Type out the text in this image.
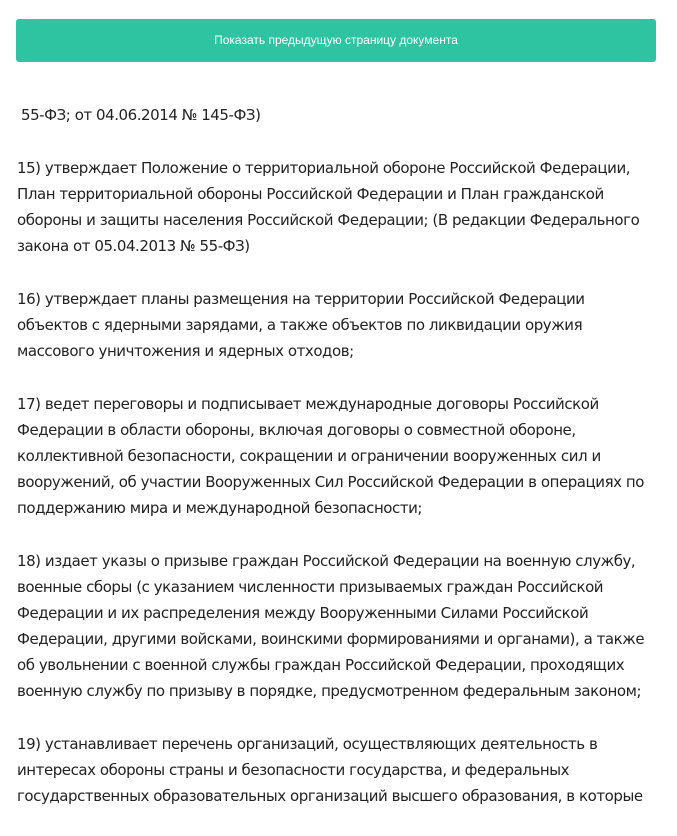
Показать предыдущую страницу документа

55-ФЗ; от 04.06.2014 № 145-ФЗ)

15) утверждает Положение о территориальной обороне Российской Федерации,
План территориальной обороны Российской Федерации и План гражданской
обороны и защиты населения Российской Федерации; (В редакции Федерального
закона от 05.04.2013 № 55-ФЗ)

16) утверждает планы размещения на территории Российской Федерации
объектов с ядерными зарядами, а также объектов по ликвидации оружия
массового уничтожения и ядерных отходов;

17) ведет переговоры и подписывает международные договоры Российской
Федерации в области обороны, включая договоры о совместной обороне,
коллективной безопасности, сокращении и ограничении вооруженных сил и
вооружений, об участии Вооруженных Сил Российской Федерации в операциях по
поддержанию мира и международной безопасности;

18) издает указы о призыве граждан Российской Федерации на военную службу,
военные сборы (с указанием численности призываемых граждан Российской
Федерации и их распределения между Вооруженными Силами Российской
Федерации, другими войсками, воинскими формированиями и органами), а также
об увольнении с военной службы граждан Российской Федерации, проходящих
военную службу по призыву в порядке, предусмотренном федеральным законом;

19) устанавливает перечень организаций, осуществляющих деятельность в
интересах обороны страны и безопасности государства, и федеральных
государственных образовательных организаций высшего образования, в которые
